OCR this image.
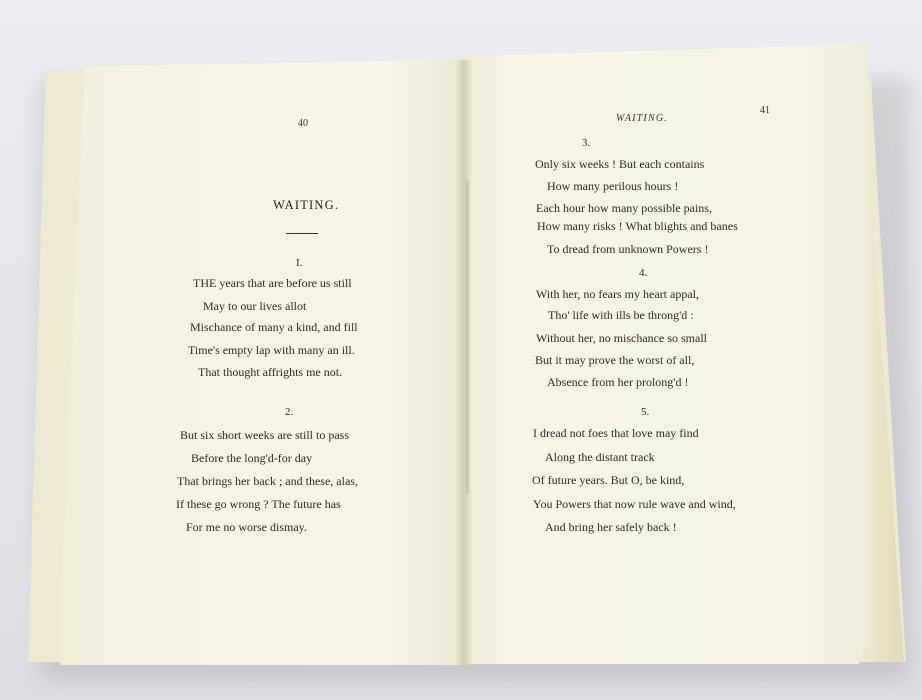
40
WAITING.
I.
THE years that are before us still
May to our lives allot
Mischance of many a kind, and fill
Time's empty lap with many an ill.
That thought affrights me not.
2.
But six short weeks are still to pass
Before the long'd-for day
That brings her back ; and these, alas,
If these go wrong ? The future has
For me no worse dismay.
WAITING.
41
3.
Only six weeks ! But each contains
How many perilous hours !
Each hour how many possible pains,
How many risks ! What blights and banes
To dread from unknown Powers !
4.
With her, no fears my heart appal,
Tho' life with ills be throng'd :
Without her, no mischance so small
But it may prove the worst of all,
Absence from her prolong'd !
5.
I dread not foes that love may find
Along the distant track
Of future years. But O, be kind,
You Powers that now rule wave and wind,
And bring her safely back !
